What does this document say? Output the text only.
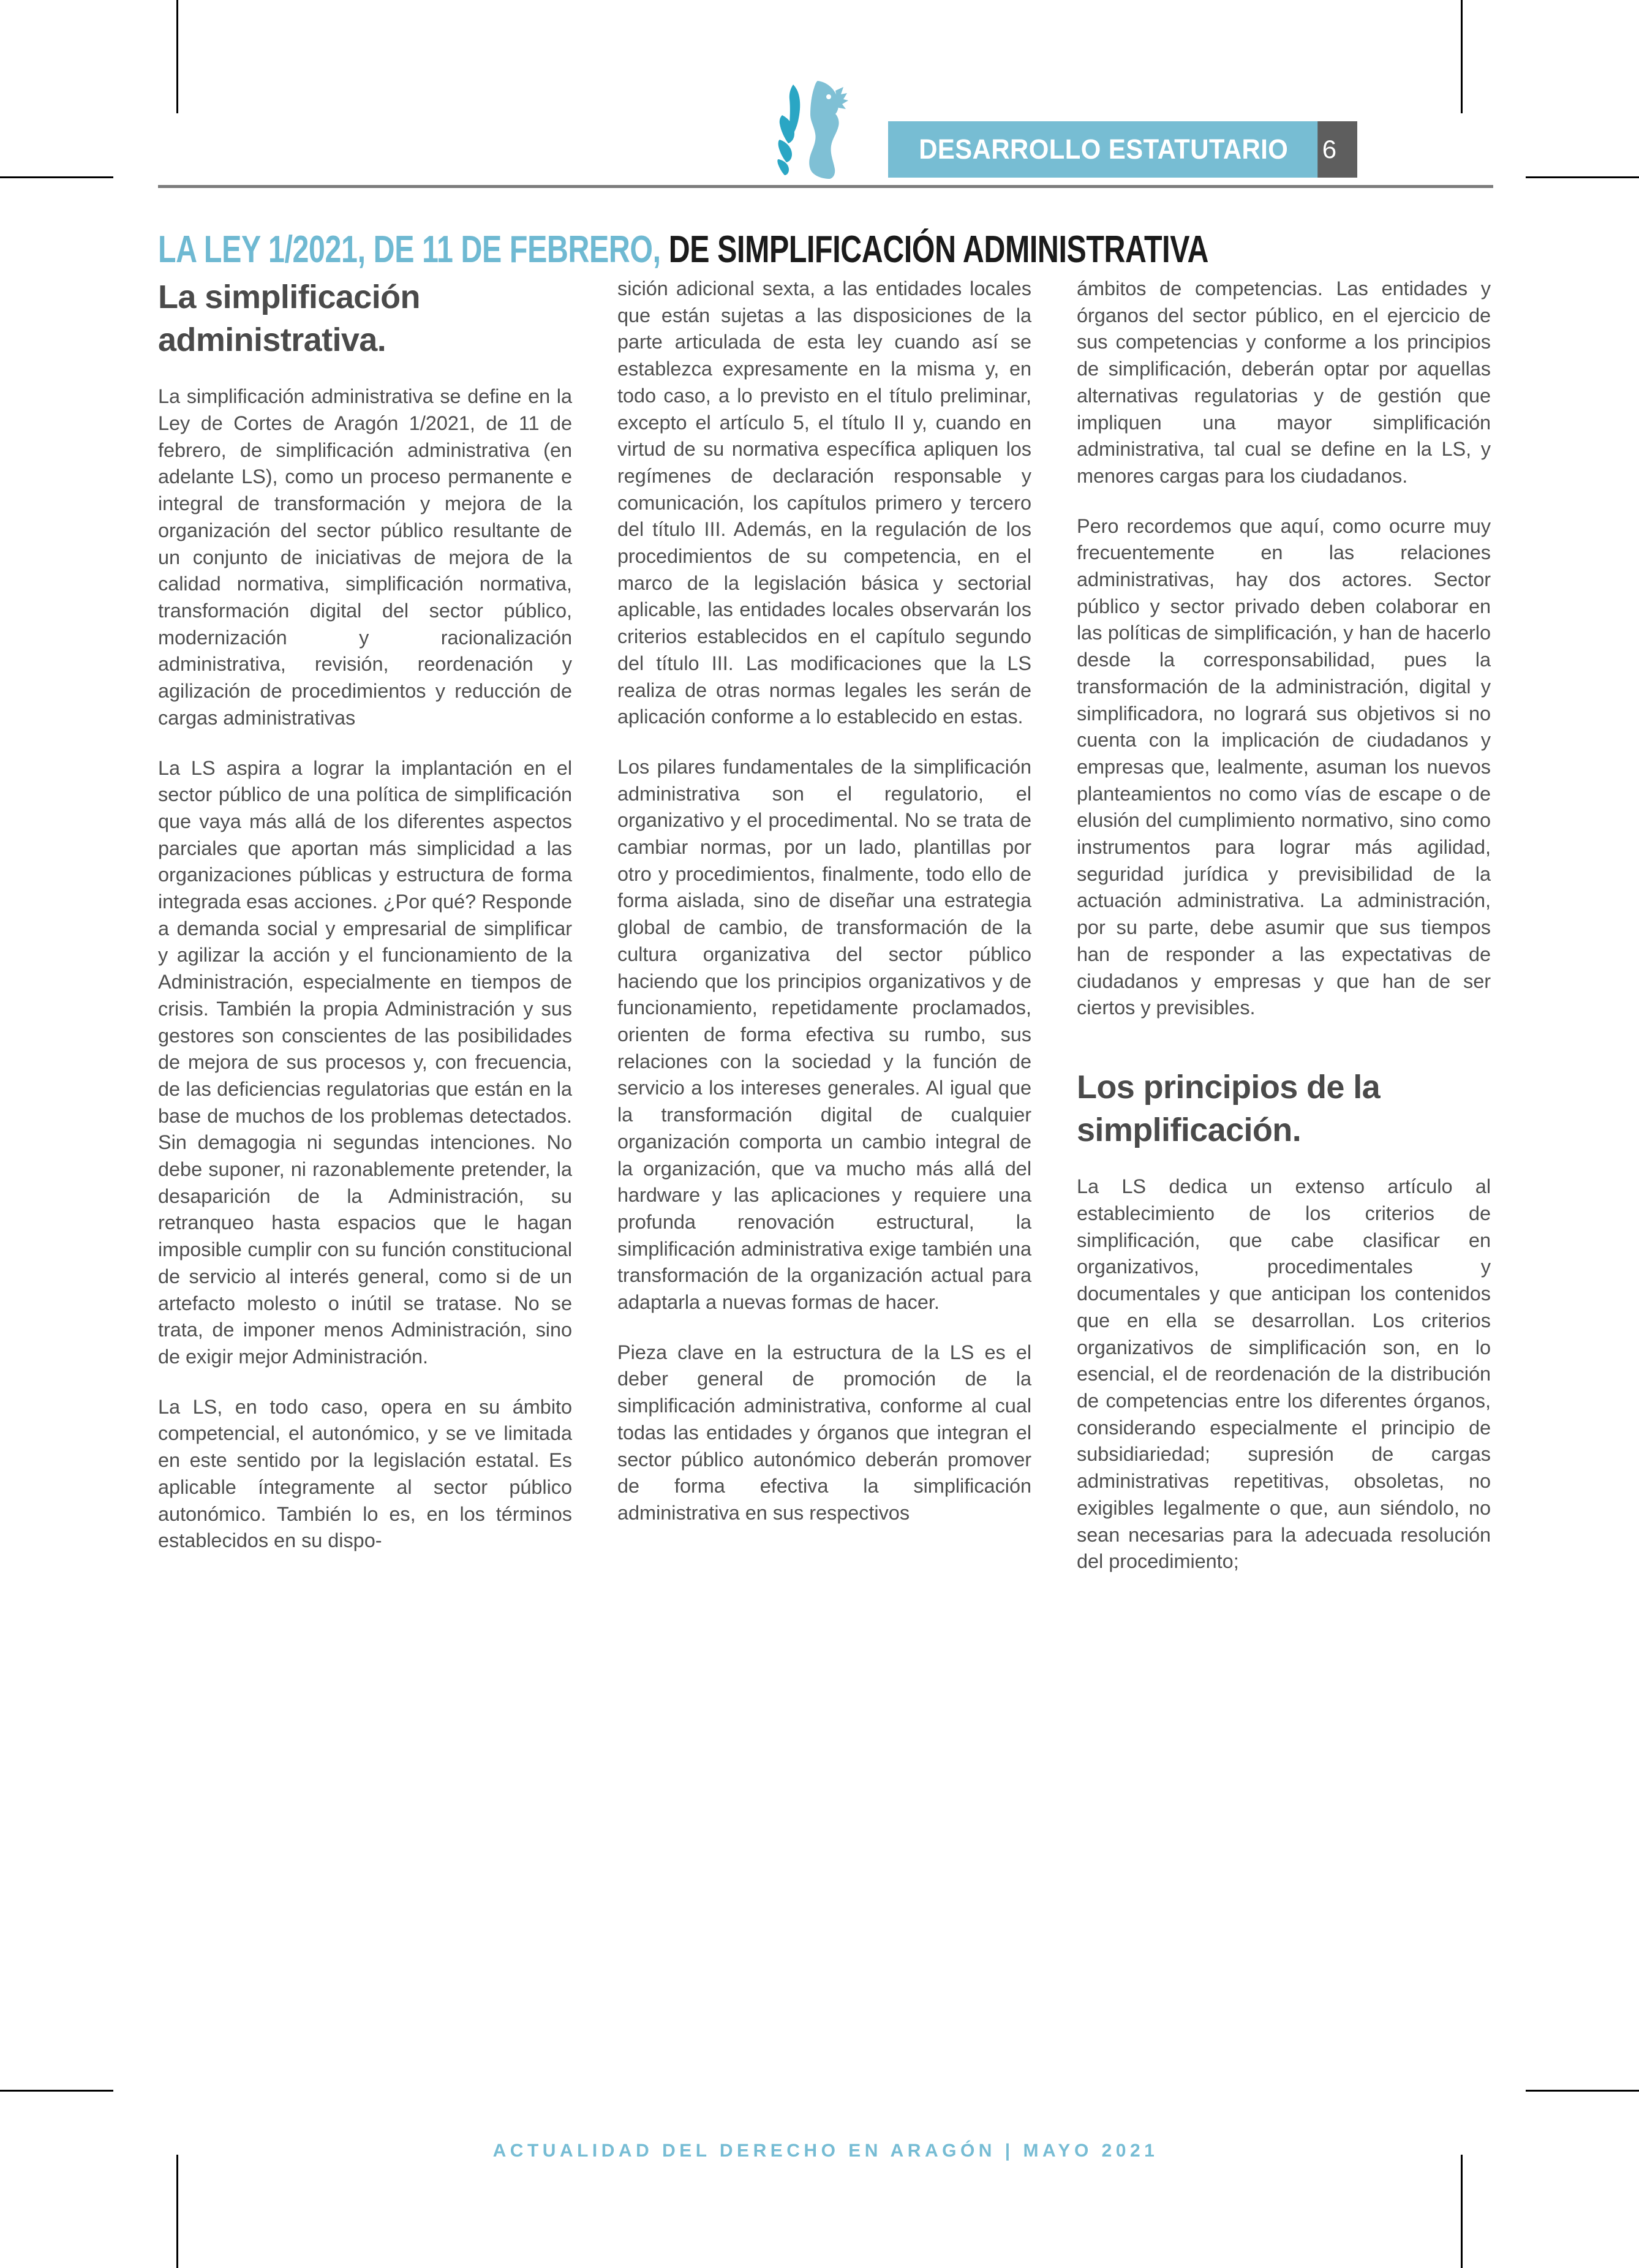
DESARROLLO ESTATUTARIO	6
LA LEY 1/2021, DE 11 DE FEBRERO, DE SIMPLIFICACIÓN ADMINISTRATIVA
La simplificación administrativa.

La simplificación administrativa se define en la Ley de Cortes de Aragón 1/2021, de 11 de febrero, de simplificación administrativa (en adelante LS), como un proceso permanente e integral de transformación y mejora de la organización del sector público resultante de un conjunto de iniciativas de mejora de la calidad normativa, simplificación normativa, transformación digital del sector público, modernización y racionalización administrativa, revisión, reordenación y agilización de procedimientos y reducción de cargas administrativas

La LS aspira a lograr la implantación en el sector público de una política de simplificación que vaya más allá de los diferentes aspectos parciales que aportan más simplicidad a las organizaciones públicas y estructura de forma integrada esas acciones. ¿Por qué? Responde a demanda social y empresarial de simplificar y agilizar la acción y el funcionamiento de la Administración, especialmente en tiempos de crisis. También la propia Administración y sus gestores son conscientes de las posibilidades de mejora de sus procesos y, con frecuencia, de las deficiencias regulatorias que están en la base de muchos de los problemas detectados. Sin demagogia ni segundas intenciones. No debe suponer, ni razonablemente pretender, la desaparición de la Administración, su retranqueo hasta espacios que le hagan imposible cumplir con su función constitucional de servicio al interés general, como si de un artefacto molesto o inútil se tratase. No se trata, de imponer menos Administración, sino de exigir mejor Administración.

La LS, en todo caso, opera en su ámbito competencial, el autonómico, y se ve limitada en este sentido por la legislación estatal. Es aplicable íntegramente al sector público autonómico. También lo es, en los términos establecidos en su dispo-

sición adicional sexta, a las entidades locales que están sujetas a las disposiciones de la parte articulada de esta ley cuando así se establezca expresamente en la misma y, en todo caso, a lo previsto en el título preliminar, excepto el artículo 5, el título II y, cuando en virtud de su normativa específica apliquen los regímenes de declaración responsable y comunicación, los capítulos primero y tercero del título III. Además, en la regulación de los procedimientos de su competencia, en el marco de la legislación básica y sectorial aplicable, las entidades locales observarán los criterios establecidos en el capítulo segundo del título III. Las modificaciones que la LS realiza de otras normas legales les serán de aplicación conforme a lo establecido en estas.

Los pilares fundamentales de la simplificación administrativa son el regulatorio, el organizativo y el procedimental. No se trata de cambiar normas, por un lado, plantillas por otro y procedimientos, finalmente, todo ello de forma aislada, sino de diseñar una estrategia global de cambio, de transformación de la cultura organizativa del sector público haciendo que los principios organizativos y de funcionamiento, repetidamente proclamados, orienten de forma efectiva su rumbo, sus relaciones con la sociedad y la función de servicio a los intereses generales. Al igual que la transformación digital de cualquier organización comporta un cambio integral de la organización, que va mucho más allá del hardware y las aplicaciones y requiere una profunda renovación estructural, la simplificación administrativa exige también una transformación de la organización actual para adaptarla a nuevas formas de hacer.

Pieza clave en la estructura de la LS es el deber general de promoción de la simplificación administrativa, conforme al cual todas las entidades y órganos que integran el sector público autonómico deberán promover de forma efectiva la simplificación administrativa en sus respectivos

ámbitos de competencias. Las entidades y órganos del sector público, en el ejercicio de sus competencias y conforme a los principios de simplificación, deberán optar por aquellas alternativas regulatorias y de gestión que impliquen una mayor simplificación administrativa, tal cual se define en la LS, y menores cargas para los ciudadanos.

Pero recordemos que aquí, como ocurre muy frecuentemente en las relaciones administrativas, hay dos actores. Sector público y sector privado deben colaborar en las políticas de simplificación, y han de hacerlo desde la corresponsabilidad, pues la transformación de la administración, digital y simplificadora, no logrará sus objetivos si no cuenta con la implicación de ciudadanos y empresas que, lealmente, asuman los nuevos planteamientos no como vías de escape o de elusión del cumplimiento normativo, sino como instrumentos para lograr más agilidad, seguridad jurídica y previsibilidad de la actuación administrativa. La administración, por su parte, debe asumir que sus tiempos han de responder a las expectativas de ciudadanos y empresas y que han de ser ciertos y previsibles.

Los principios de la simplificación.

La LS dedica un extenso artículo al establecimiento de los criterios de simplificación, que cabe clasificar en organizativos, procedimentales y documentales y que anticipan los contenidos que en ella se desarrollan. Los criterios organizativos de simplificación son, en lo esencial, el de reordenación de la distribución de competencias entre los diferentes órganos, considerando especialmente el principio de subsidiariedad; supresión de cargas administrativas repetitivas, obsoletas, no exigibles legalmente o que, aun siéndolo, no sean necesarias para la adecuada resolución del procedimiento;

ACTUALIDAD DEL DERECHO EN ARAGÓN | MAYO 2021
